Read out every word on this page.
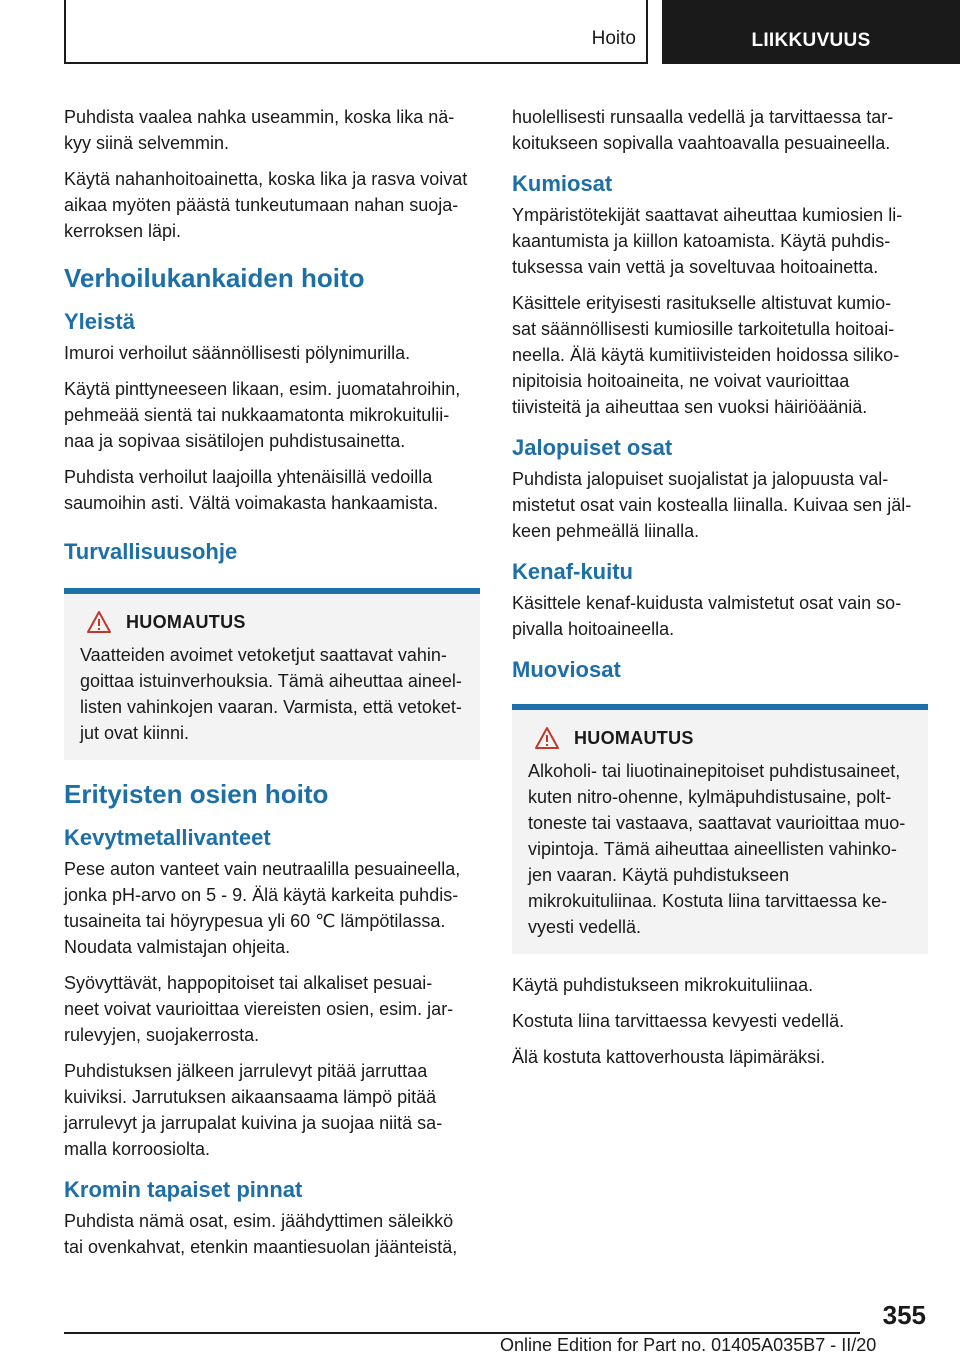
Hoito	LIIKKUVUUS

Puhdista vaalea nahka useammin, koska lika nä-
kyy siinä selvemmin.

Käytä nahanhoitoainetta, koska lika ja rasva voivat
aikaa myöten päästä tunkeutumaan nahan suoja-
kerroksen läpi.

Verhoilukankaiden hoito
Yleistä

Imuroi verhoilut säännöllisesti pölynimurilla.

Käytä pinttyneeseen likaan, esim. juomatahroihin,
pehmeää sientä tai nukkaamatonta mikrokuitulii-
naa ja sopivaa sisätilojen puhdistusainetta.

Puhdista verhoilut laajoilla yhtenäisillä vedoilla
saumoihin asti. Vältä voimakasta hankaamista.

Turvallisuusohje
HUOMAUTUS
Vaatteiden avoimet vetoketjut saattavat vahin-
goittaa istuinverhouksia. Tämä aiheuttaa aineel-
listen vahinkojen vaaran. Varmista, että vetoket-
jut ovat kiinni.
Erityisten osien hoito
Kevytmetallivanteet

Pese auton vanteet vain neutraalilla pesuaineella,
jonka pH-arvo on 5 - 9. Älä käytä karkeita puhdis-
tusaineita tai höyrypesua yli 60 ℃ lämpötilassa.
Noudata valmistajan ohjeita.

Syövyttävät, happopitoiset tai alkaliset pesuai-
neet voivat vaurioittaa viereisten osien, esim. jar-
rulevyjen, suojakerrosta.

Puhdistuksen jälkeen jarrulevyt pitää jarruttaa
kuiviksi. Jarrutuksen aikaansaama lämpö pitää
jarrulevyt ja jarrupalat kuivina ja suojaa niitä sa-
malla korroosiolta.

Kromin tapaiset pinnat

Puhdista nämä osat, esim. jäähdyttimen säleikkö
tai ovenkahvat, etenkin maantiesuolan jäänteistä,

huolellisesti runsaalla vedellä ja tarvittaessa tar-
koitukseen sopivalla vaahtoavalla pesuaineella.

Kumiosat

Ympäristötekijät saattavat aiheuttaa kumiosien li-
kaantumista ja kiillon katoamista. Käytä puhdis-
tuksessa vain vettä ja soveltuvaa hoitoainetta.

Käsittele erityisesti rasitukselle altistuvat kumio-
sat säännöllisesti kumiosille tarkoitetulla hoitoai-
neella. Älä käytä kumitiivisteiden hoidossa siliko-
nipitoisia hoitoaineita, ne voivat vaurioittaa
tiivisteitä ja aiheuttaa sen vuoksi häiriöääniä.

Jalopuiset osat

Puhdista jalopuiset suojalistat ja jalopuusta val-
mistetut osat vain kostealla liinalla. Kuivaa sen jäl-
keen pehmeällä liinalla.

Kenaf-kuitu

Käsittele kenaf-kuidusta valmistetut osat vain so-
pivalla hoitoaineella.

Muoviosat
HUOMAUTUS
Alkoholi- tai liuotinainepitoiset puhdistusaineet,
kuten nitro-ohenne, kylmäpuhdistusaine, polt-
toneste tai vastaava, saattavat vaurioittaa muo-
vipintoja. Tämä aiheuttaa aineellisten vahinko-
jen vaaran. Käytä puhdistukseen
mikrokuituliinaa. Kostuta liina tarvittaessa ke-
vyesti vedellä.

Käytä puhdistukseen mikrokuituliinaa.

Kostuta liina tarvittaessa kevyesti vedellä.

Älä kostuta kattoverhousta läpimäräksi.

355
Online Edition for Part no. 01405A035B7 - II/20
